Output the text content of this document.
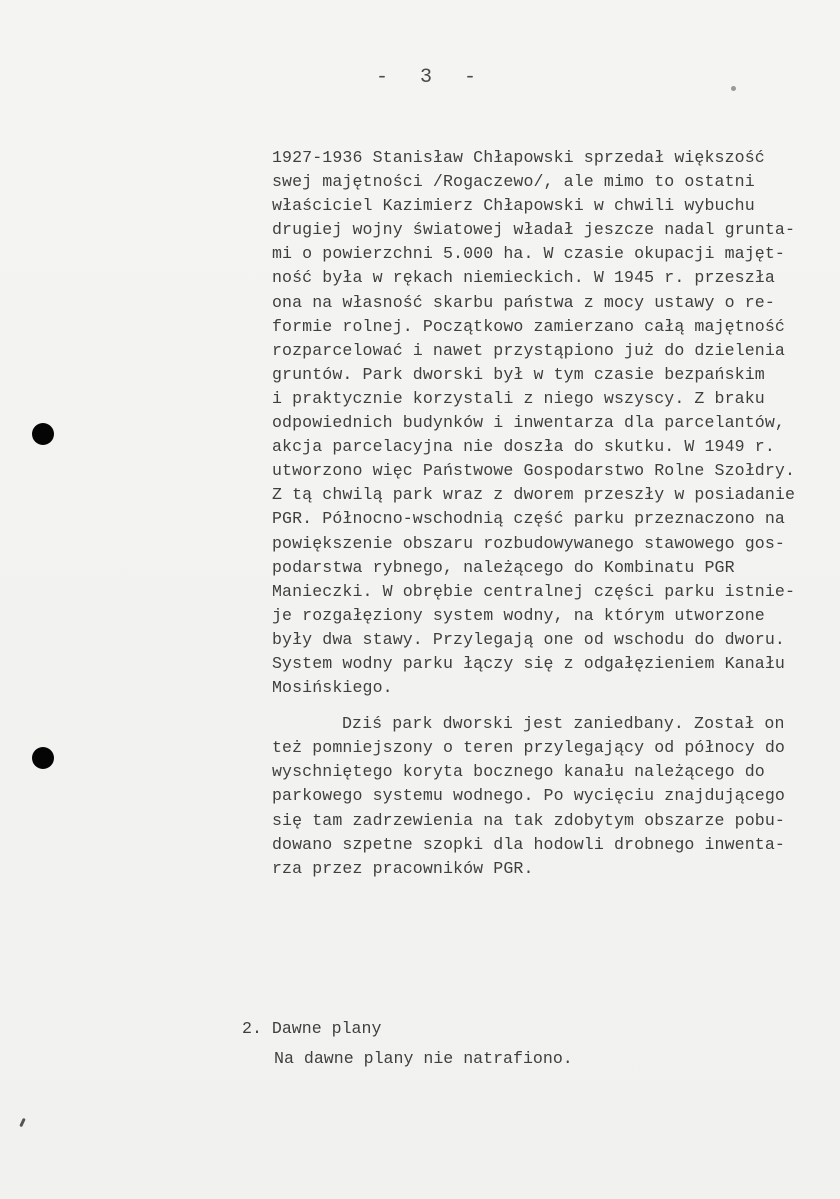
- 3 -
1927-1936 Stanisław Chłapowski sprzedał większość
swej majętności /Rogaczewo/, ale mimo to ostatni
właściciel Kazimierz Chłapowski w chwili wybuchu
drugiej wojny światowej władał jeszcze nadal grunta-
mi o powierzchni 5.000 ha. W czasie okupacji majęt-
ność była w rękach niemieckich. W 1945 r. przeszła
ona na własność skarbu państwa z mocy ustawy o re-
formie rolnej. Początkowo zamierzano całą majętność
rozparcelować i nawet przystąpiono już do dzielenia
gruntów. Park dworski był w tym czasie bezpańskim
i praktycznie korzystali z niego wszyscy. Z braku
odpowiednich budynków i inwentarza dla parcelantów,
akcja parcelacyjna nie doszła do skutku. W 1949 r.
utworzono więc Państwowe Gospodarstwo Rolne Szołdry.
Z tą chwilą park wraz z dworem przeszły w posiadanie
PGR. Północno-wschodnią część parku przeznaczono na
powiększenie obszaru rozbudowywanego stawowego gos-
podarstwa rybnego, należącego do Kombinatu PGR
Manieczki. W obrębie centralnej części parku istnie-
je rozgałęziony system wodny, na którym utworzone
były dwa stawy. Przylegają one od wschodu do dworu.
System wodny parku łączy się z odgałęzieniem Kanału
Mosińskiego.
Dziś park dworski jest zaniedbany. Został on
też pomniejszony o teren przylegający od północy do
wyschniętego koryta bocznego kanału należącego do
parkowego systemu wodnego. Po wycięciu znajdującego
się tam zadrzewienia na tak zdobytym obszarze pobu-
dowano szpetne szopki dla hodowli drobnego inwenta-
rza przez pracowników PGR.
2. Dawne plany
Na dawne plany nie natrafiono.
